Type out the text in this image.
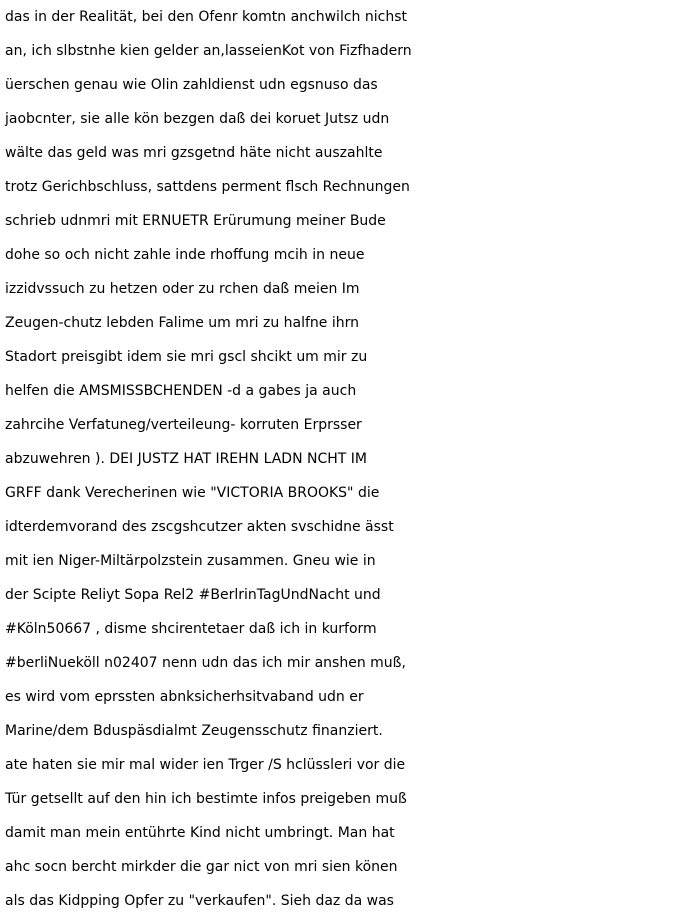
das in der Realität, bei den Ofenr komtn anchwilch nichst
an, ich slbstnhe kien gelder an,lasseienKot von Fizfhadern
üerschen genau wie Olin zahldienst udn egsnuso das
jaobcnter, sie alle kön bezgen daß dei koruet Jutsz udn
wälte das geld was mri gzsgetnd häte nicht auszahlte
trotz Gerichbschluss, sattdens perment flsch Rechnungen
schrieb udnmri mit ERNUETR Erürumung meiner Bude
dohe so och nicht zahle inde rhoffung mcih in neue
izzidvssuch zu hetzen oder zu rchen daß meien Im
Zeugen-chutz lebden Falime um mri zu halfne ihrn
Stadort preisgibt idem sie mri gscl shcikt um mir zu
helfen die AMSMISSBCHENDEN -d a gabes ja auch
zahrcihe Verfatuneg/verteileung- korruten Erprsser
abzuwehren ). DEI JUSTZ HAT IREHN LADN NCHT IM
GRFF dank Verecherinen wie "VICTORIA BROOKS" die
idterdemvorand des zscgshcutzer akten svschidne ässt
mit ien Niger-Miltärpolzstein zusammen. Gneu wie in
der Scipte Reliyt Sopa Rel2 #BerlrinTagUndNacht und
#Köln50667 , disme shcirentetaer daß ich in kurform
#berliNueköll n02407 nenn udn das ich mir anshen muß,
es wird vom eprssten abnksicherhsitvaband udn er
Marine/dem Bduspäsdialmt Zeugensschutz finanziert.
ate haten sie mir mal wider ien Trger /S hclüssleri vor die
Tür getsellt auf den hin ich bestimte infos preigeben muß
damit man mein entührte Kind nicht umbringt. Man hat
ahc socn bercht mirkder die gar nict von mri sien könen
als das Kidpping Opfer zu "verkaufen". Sieh daz da was
